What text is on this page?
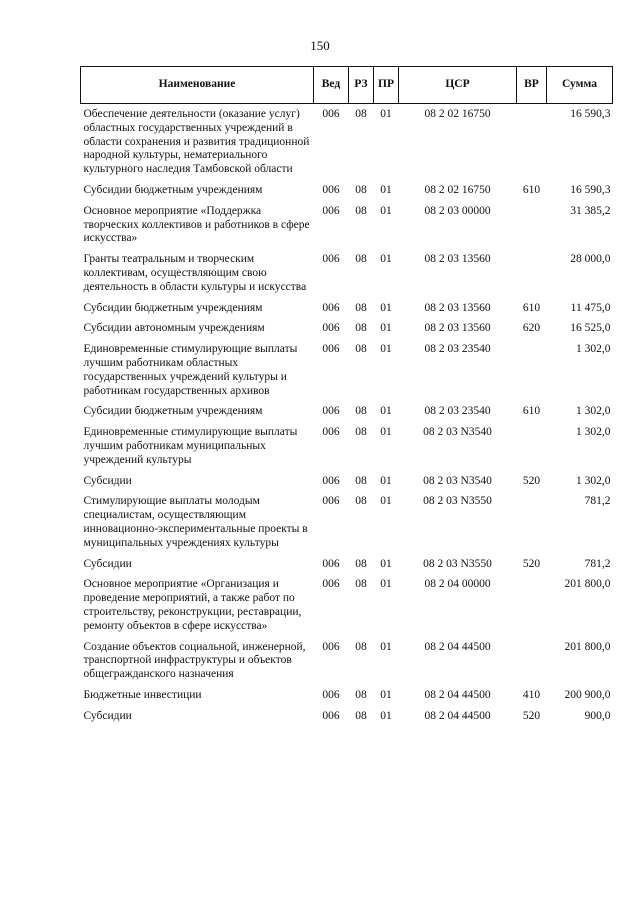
150
Наименование	Вед	РЗ	ПР	ЦСР	ВР	Сумма
Обеспечение деятельности (оказание услуг) областных государственных учреждений в области сохранения и развития традиционной народной культуры, нематериального культурного наследия Тамбовской области	006	08	01	08 2 02 16750		16 590,3
Субсидии бюджетным учреждениям	006	08	01	08 2 02 16750	610	16 590,3
Основное мероприятие «Поддержка творческих коллективов и работников в сфере искусства»	006	08	01	08 2 03 00000		31 385,2
Гранты театральным и творческим коллективам, осуществляющим свою деятельность в области культуры и искусства	006	08	01	08 2 03 13560		28 000,0
Субсидии бюджетным учреждениям	006	08	01	08 2 03 13560	610	11 475,0
Субсидии автономным учреждениям	006	08	01	08 2 03 13560	620	16 525,0
Единовременные стимулирующие выплаты лучшим работникам областных государственных учреждений культуры и работникам государственных архивов	006	08	01	08 2 03 23540		1 302,0
Субсидии бюджетным учреждениям	006	08	01	08 2 03 23540	610	1 302,0
Единовременные стимулирующие выплаты лучшим работникам муниципальных учреждений культуры	006	08	01	08 2 03 N3540		1 302,0
Субсидии	006	08	01	08 2 03 N3540	520	1 302,0
Стимулирующие выплаты молодым специалистам, осуществляющим инновационно-экспериментальные проекты в муниципальных учреждениях культуры	006	08	01	08 2 03 N3550		781,2
Субсидии	006	08	01	08 2 03 N3550	520	781,2
Основное мероприятие «Организация и проведение мероприятий, а также работ по строительству, реконструкции, реставрации, ремонту объектов в сфере искусства»	006	08	01	08 2 04 00000		201 800,0
Создание объектов социальной, инженерной, транспортной инфраструктуры и объектов общегражданского назначения	006	08	01	08 2 04 44500		201 800,0
Бюджетные инвестиции	006	08	01	08 2 04 44500	410	200 900,0
Субсидии	006	08	01	08 2 04 44500	520	900,0
